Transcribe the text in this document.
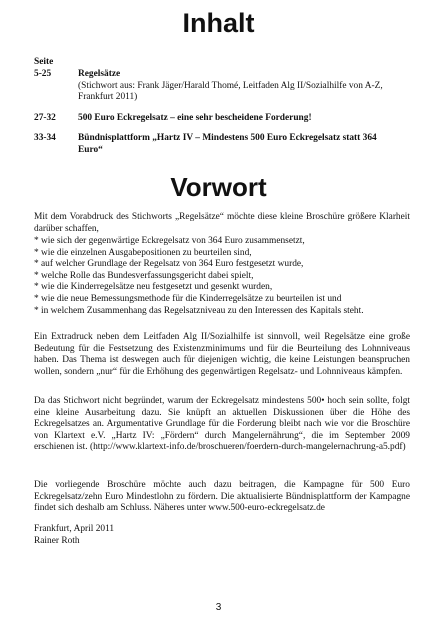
Inhalt
Seite
5-25	Regelsätze
(Stichwort aus: Frank Jäger/Harald Thomé, Leitfaden Alg II/Sozialhilfe von A-Z, Frankfurt 2011)
27-32	500 Euro Eckregelsatz – eine sehr bescheidene Forderung!
33-34	Bündnisplattform „Hartz IV – Mindestens 500 Euro Eckregelsatz statt 364 Euro“
Vorwort
Mit dem Vorabdruck des Stichworts „Regelsätze“ möchte diese kleine Broschüre größere Klarheit darüber schaffen,
* wie sich der gegenwärtige Eckregelsatz von 364 Euro zusammensetzt,
* wie die einzelnen Ausgabepositionen zu beurteilen sind,
* auf welcher Grundlage der Regelsatz von 364 Euro festgesetzt wurde,
* welche Rolle das Bundesverfassungsgericht dabei spielt,
* wie die Kinderregelsätze neu festgesetzt und gesenkt wurden,
* wie die neue Bemessungsmethode für die Kinderregelsätze zu beurteilen ist und
* in welchem Zusammenhang das Regelsatzniveau zu den Interessen des Kapitals steht.
Ein Extradruck neben dem Leitfaden Alg II/Sozialhilfe ist sinnvoll, weil Regelsätze eine große Bedeutung für die Festsetzung des Existenzminimums und für die Beurteilung des Lohnniveaus haben. Das Thema ist deswegen auch für diejenigen wichtig, die keine Leistungen beanspruchen wollen, sondern „nur“ für die Erhöhung des gegenwärtigen Regelsatz- und Lohnniveaus kämpfen.
Da das Stichwort nicht begründet, warum der Eckregelsatz mindestens 500• hoch sein sollte, folgt eine kleine Ausarbeitung dazu. Sie knüpft an aktuellen Diskussionen über die Höhe des Eckregelsatzes an. Argumentative Grundlage für die Forderung bleibt nach wie vor die Broschüre von Klartext e.V. „Hartz IV: „Fördern“ durch Mangelernährung“, die im September 2009 erschienen ist. (http://www.klartext-info.de/broschueren/foerdern-durch-mangelernachrung-a5.pdf)
Die vorliegende Broschüre möchte auch dazu beitragen, die Kampagne für 500 Euro Eckregelsatz/zehn Euro Mindestlohn zu fördern. Die aktualisierte Bündnisplattform der Kampagne findet sich deshalb am Schluss. Näheres unter www.500-euro-eckregelsatz.de
Frankfurt, April 2011
Rainer Roth
3
